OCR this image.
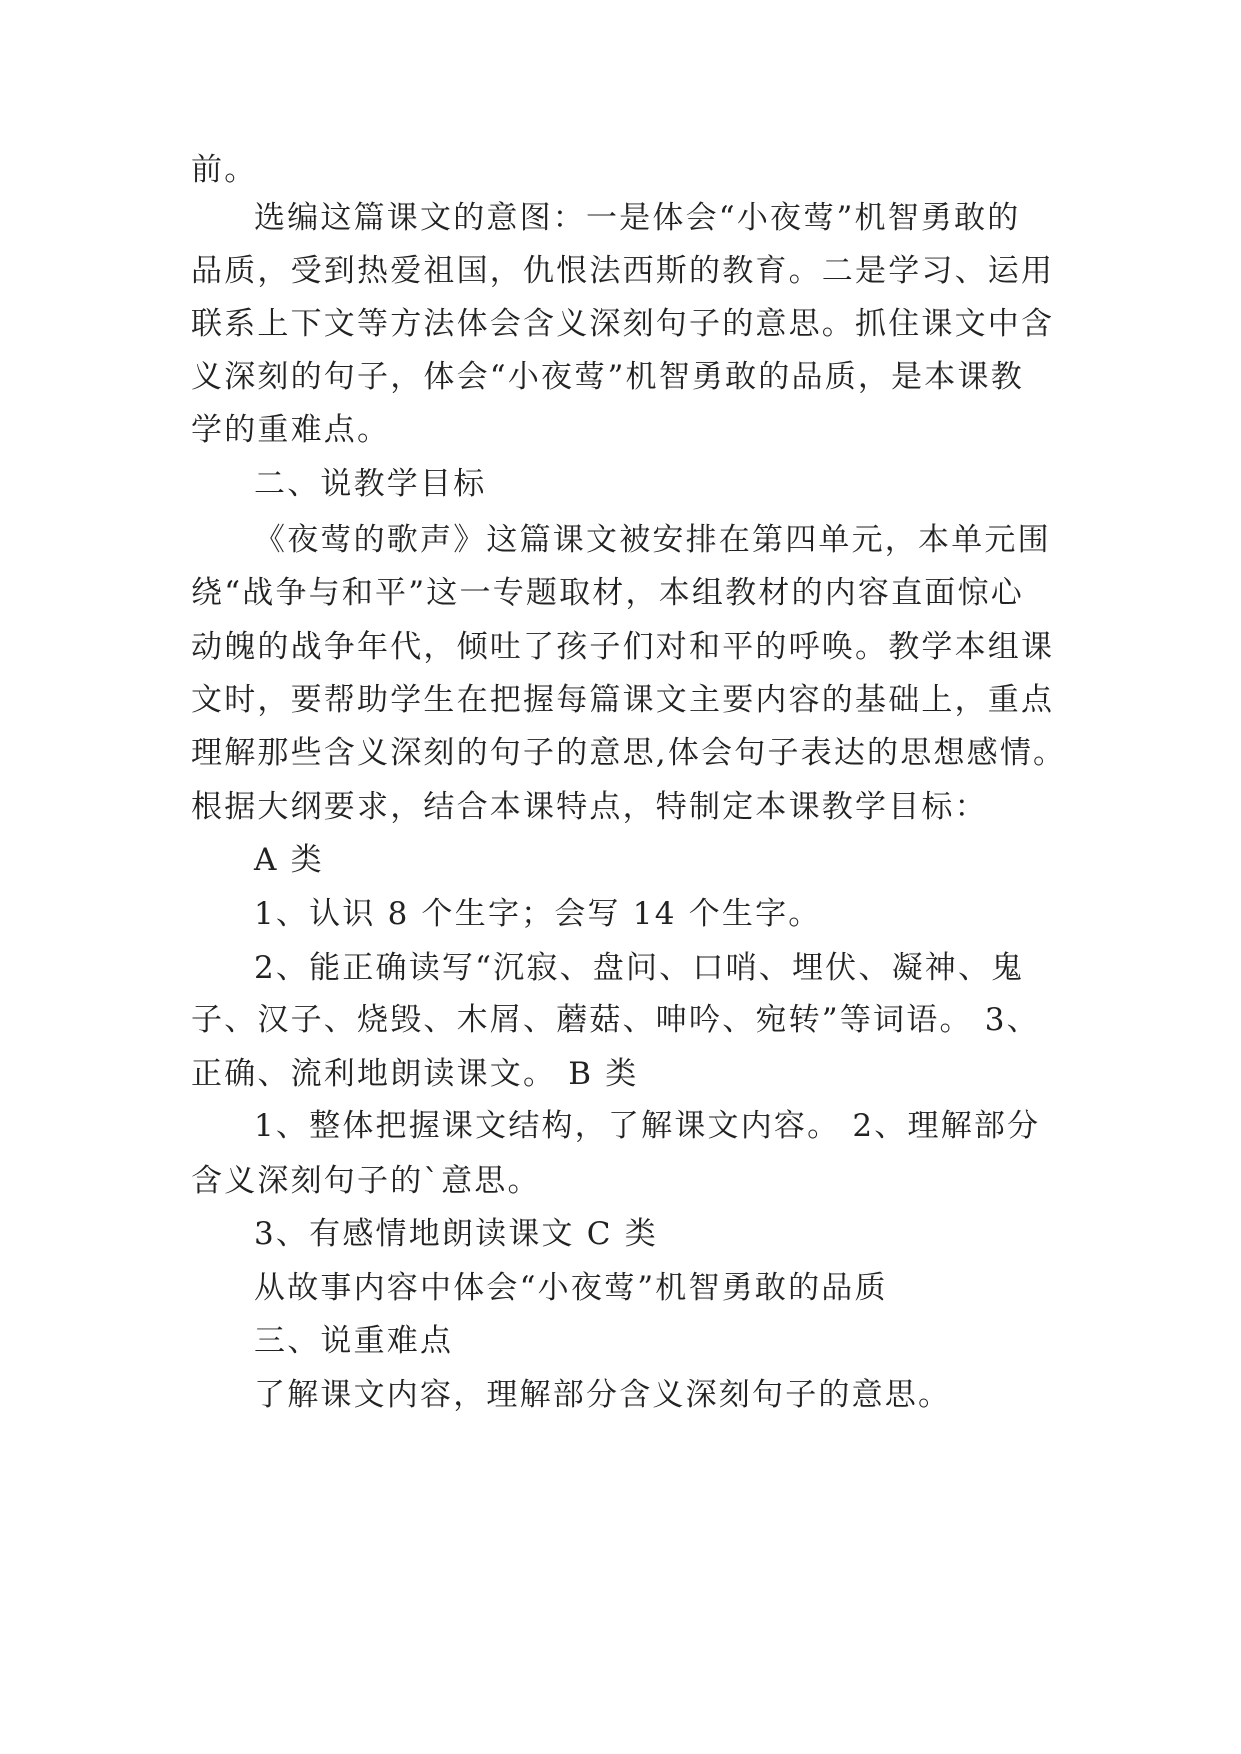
前。
选编这篇课文的意图：一是体会“小夜莺”机智勇敢的
品质，受到热爱祖国，仇恨法西斯的教育。二是学习、运用
联系上下文等方法体会含义深刻句子的意思。抓住课文中含
义深刻的句子，体会“小夜莺”机智勇敢的品质，是本课教
学的重难点。
二、说教学目标
《夜莺的歌声》这篇课文被安排在第四单元，本单元围
绕“战争与和平”这一专题取材，本组教材的内容直面惊心
动魄的战争年代，倾吐了孩子们对和平的呼唤。教学本组课
文时，要帮助学生在把握每篇课文主要内容的基础上，重点
理解那些含义深刻的句子的意思,体会句子表达的思想感情。
根据大纲要求，结合本课特点，特制定本课教学目标：
A 类
1、认识 8 个生字；会写 14 个生字。
2、能正确读写“沉寂、盘问、口哨、埋伏、凝神、鬼
子、汉子、烧毁、木屑、蘑菇、呻吟、宛转”等词语。 3、
正确、流利地朗读课文。 B 类
1、整体把握课文结构，了解课文内容。 2、理解部分
含义深刻句子的`意思。
3、有感情地朗读课文 C 类
从故事内容中体会“小夜莺”机智勇敢的品质
三、说重难点
了解课文内容，理解部分含义深刻句子的意思。
